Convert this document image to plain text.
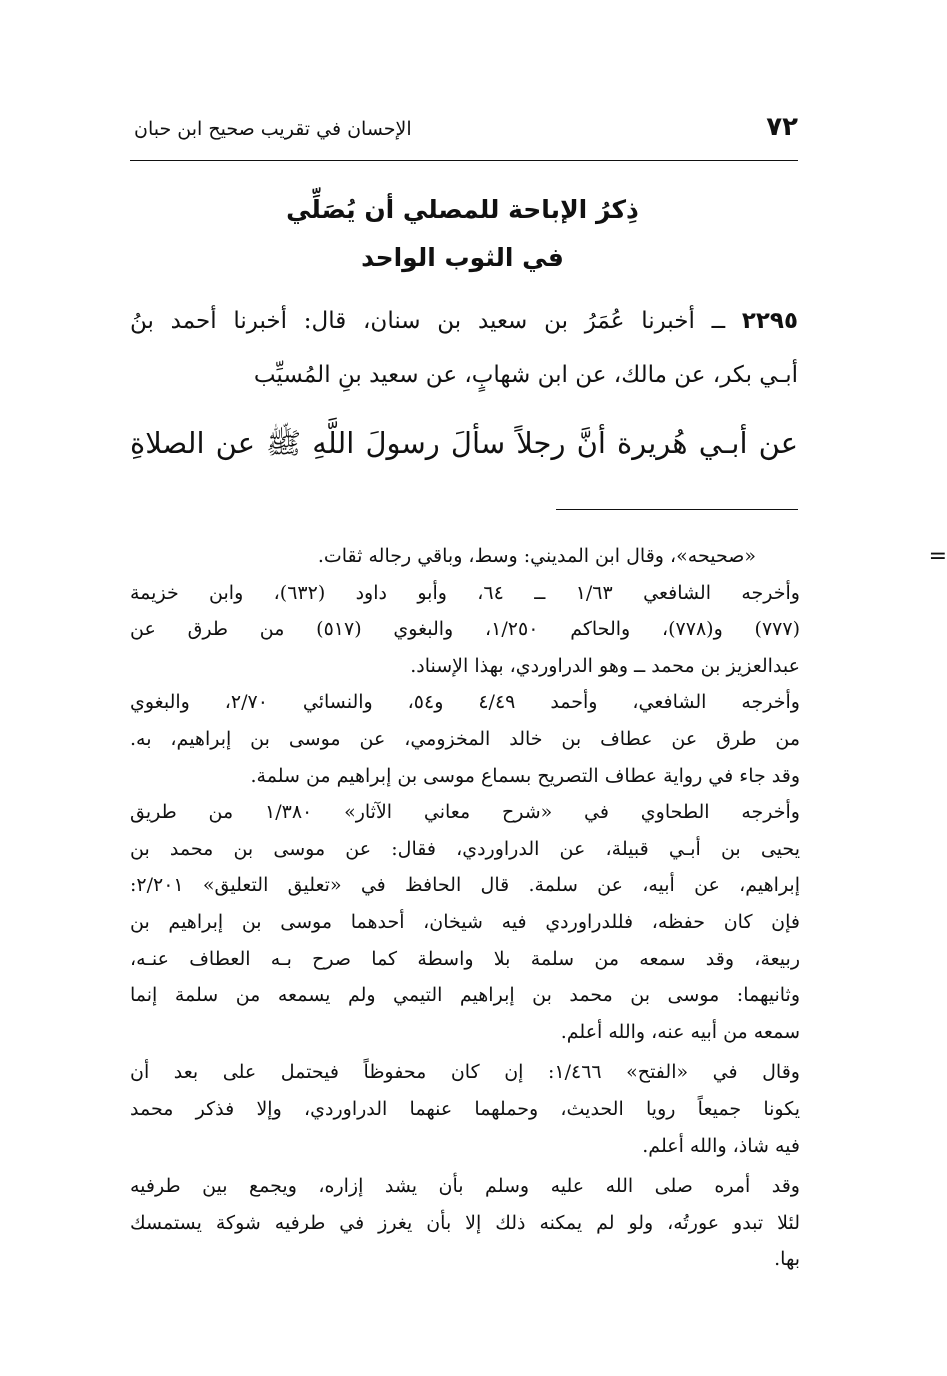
٧٢
الإحسان في تقريب صحيح ابن حبان
ذِكرُ الإباحة للمصلي أن يُصَلِّي
في الثوب الواحد
٢٢٩٥ ــ أخبرنا عُمَرُ بن سعيد بن سنان، قال: أخبرنا أحمد بنُ
أبـي بكر، عن مالك، عن ابن شهابٍ، عن سعيد بنِ المُسيِّب
عن أبـي هُريرة أنَّ رجلاً سألَ رسولَ اللَّهِ ﷺ عن الصلاةِ
=
«صحيحه»، وقال ابن المديني: وسط، وباقي رجاله ثقات.
وأخرجه الشافعي ١/٦٣ ــ ٦٤، وأبو داود (٦٣٢)، وابن خزيمة
(٧٧٧) و(٧٧٨)، والحاكم ١/٢٥٠، والبغوي (٥١٧) من طرق عن
عبدالعزيز بن محمد ــ وهو الدراوردي، بهذا الإسناد.
وأخرجه الشافعي، وأحمد ٤/٤٩ و٥٤، والنسائي ٢/٧٠، والبغوي
من طرق عن عطاف بن خالد المخزومي، عن موسى بن إبراهيم، به.
وقد جاء في رواية عطاف التصريح بسماع موسى بن إبراهيم من سلمة.
وأخرجه الطحاوي في «شرح معاني الآثار» ١/٣٨٠ من طريق
يحيى بن أبـي قبيلة، عن الدراوردي، فقال: عن موسى بن محمد بن
إبراهيم، عن أبيه، عن سلمة. قال الحافظ في «تعليق التعليق» ٢/٢٠١:
فإن كان حفظه، فللدراوردي فيه شيخان، أحدهما موسى بن إبراهيم بن
ربيعة، وقد سمعه من سلمة بلا واسطة كما صرح بـه العطاف عنـه،
وثانيهما: موسى بن محمد بن إبراهيم التيمي ولم يسمعه من سلمة إنما
سمعه من أبيه عنه، والله أعلم.
وقال في «الفتح» ١/٤٦٦: إن كان محفوظاً فيحتمل على بعد أن
يكونا جميعاً رويا الحديث، وحملهما عنهما الدراوردي، وإلا فذكر محمد
فيه شاذ، والله أعلم.
وقد أمره صلى الله عليه وسلم بأن يشد إزاره، ويجمع بين طرفيه
لئلا تبدو عورتُه، ولو لم يمكنه ذلك إلا بأن يغرز في طرفيه شوكة يستمسك
بها.
